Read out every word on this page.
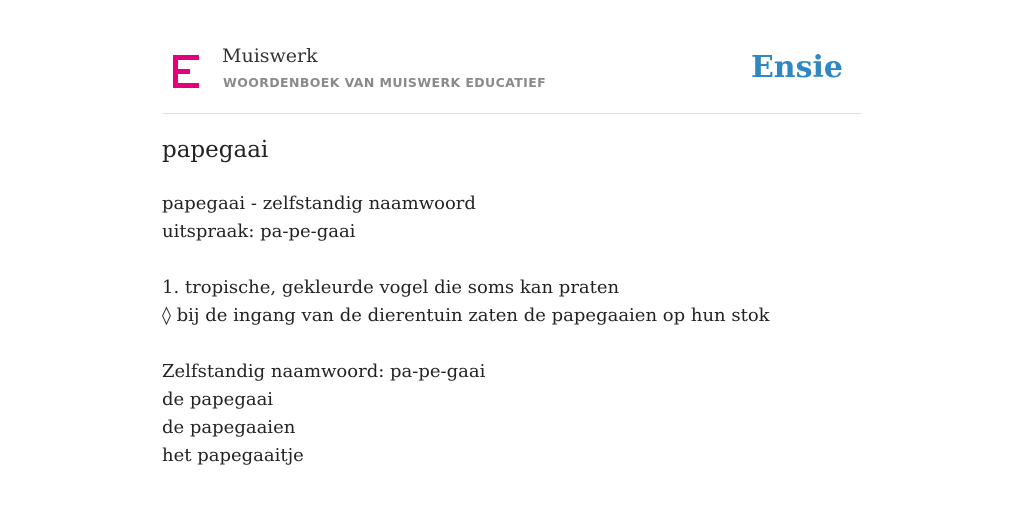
Muiswerk
WOORDENBOEK VAN MUISWERK EDUCATIEF	Ensie
papegaai
papegaai - zelfstandig naamwoord
uitspraak: pa-pe-gaai
1. tropische, gekleurde vogel die soms kan praten
◊ bij de ingang van de dierentuin zaten de papegaaien op hun stok
Zelfstandig naamwoord: pa-pe-gaai
de papegaai
de papegaaien
het papegaaitje
